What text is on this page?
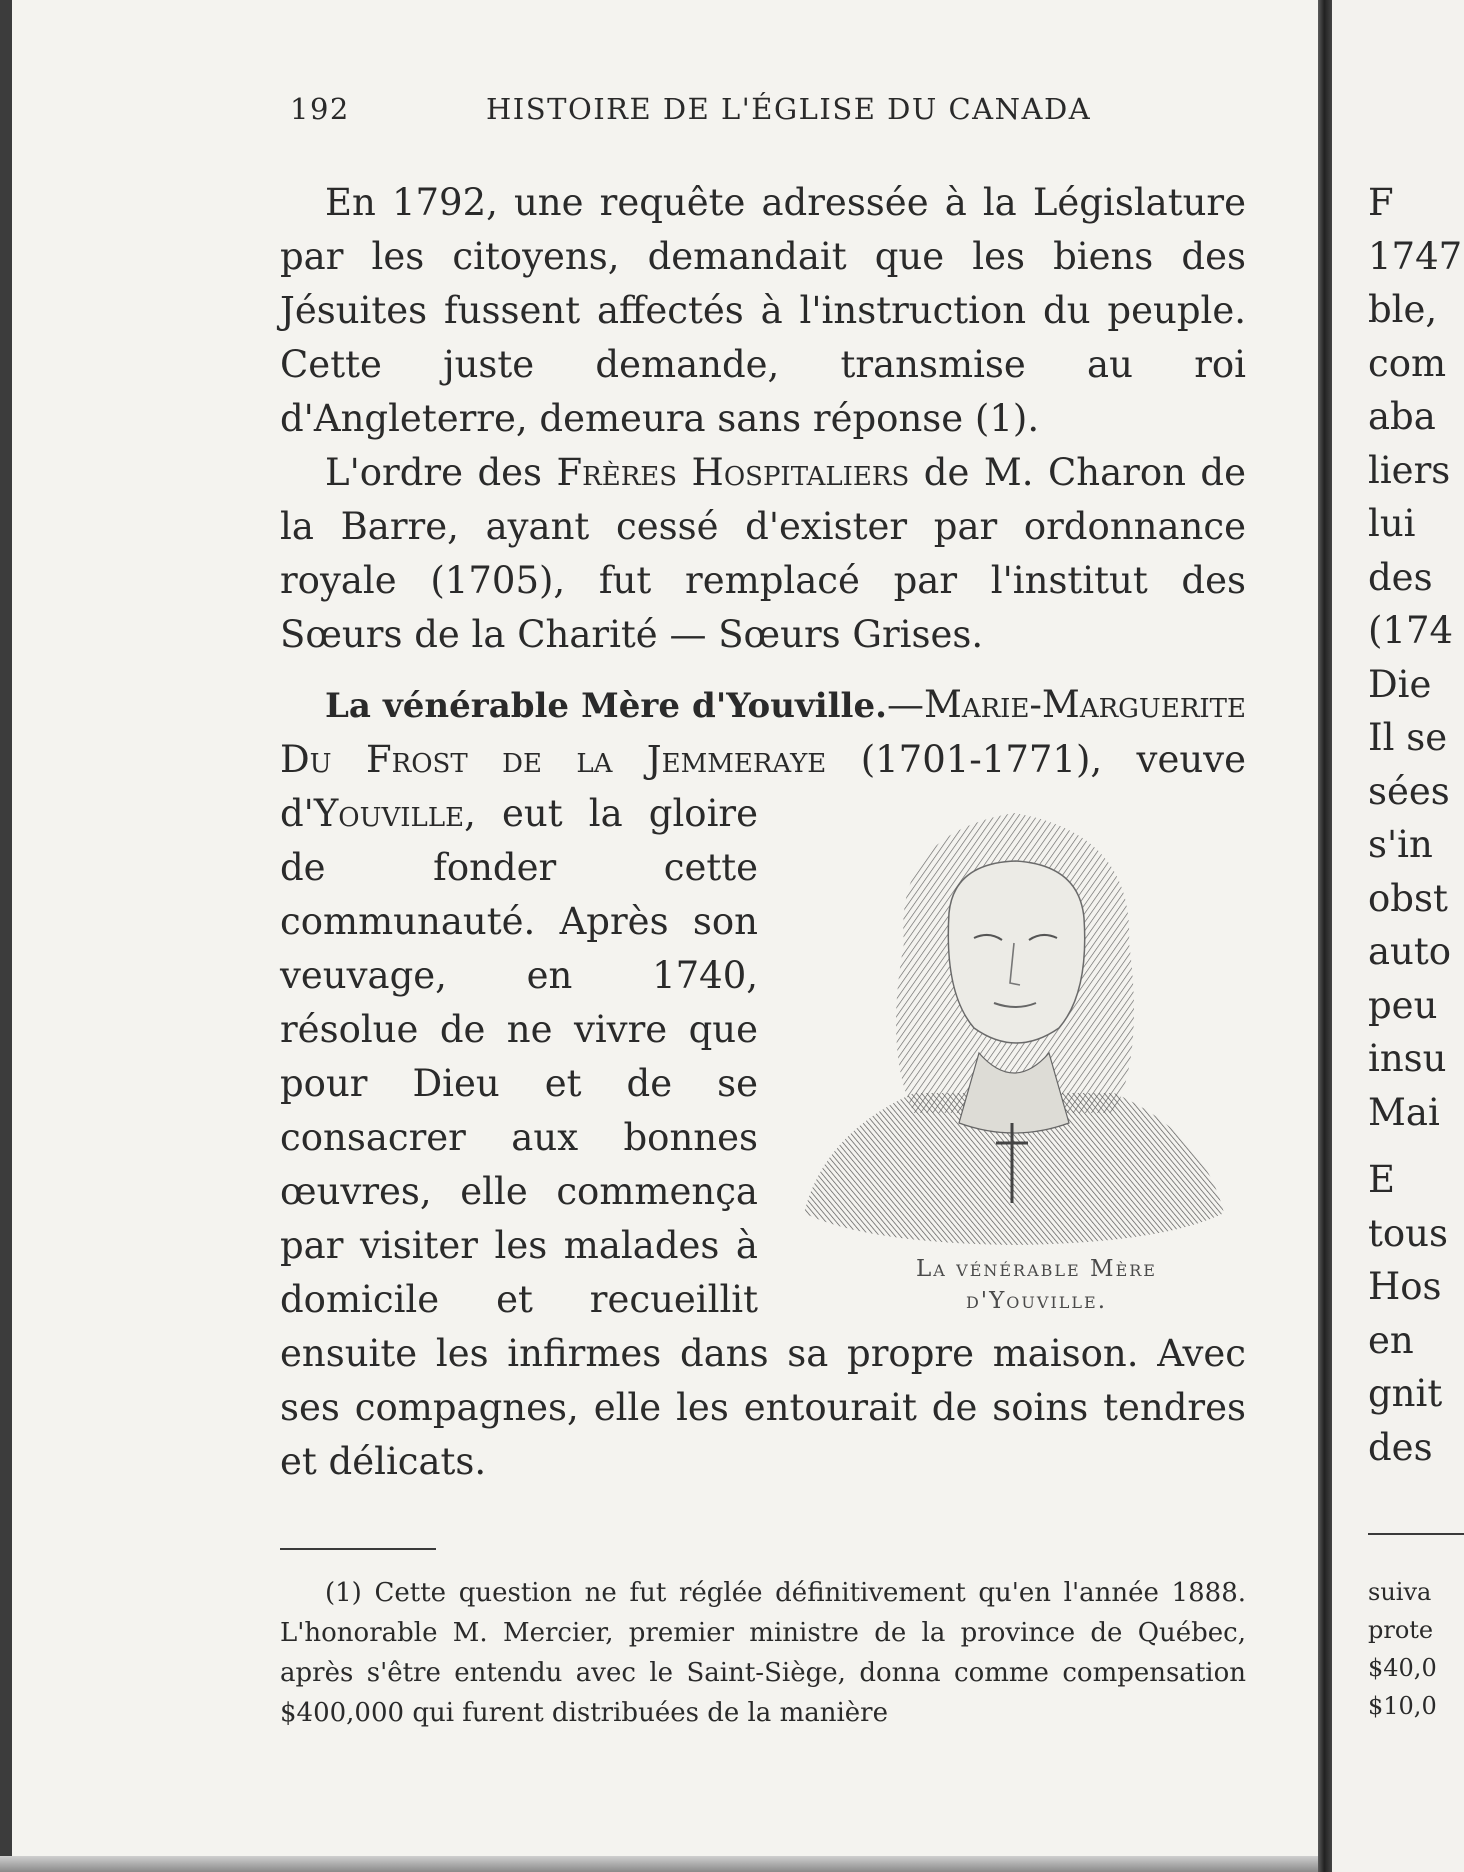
192	HISTOIRE DE L'ÉGLISE DU CANADA

En 1792, une requête adressée à la Législature par les citoyens, demandait que les biens des Jésuites fussent affectés à l'instruction du peuple. Cette juste demande, transmise au roi d'Angleterre, demeura sans réponse (1).

L'ordre des Frères Hospitaliers de M. Charon de la Barre, ayant cessé d'exister par ordonnance royale (1705), fut remplacé par l'institut des Sœurs de la Charité — Sœurs Grises.

La vénérable Mère d'Youville.—Marie-Marguerite Du Frost de la Jemmeraye (1701-1771), veuve d'Youville
La vénérable Mère
d'Youville.
, eut la gloire de fonder cette communauté. Après son veuvage, en 1740, résolue de ne vivre que pour Dieu et de se consacrer aux bonnes œuvres, elle commença par visiter les malades à domicile et recueillit ensuite les infirmes dans sa propre maison. Avec ses compagnes, elle les entourait de soins tendres et délicats.

(1) Cette question ne fut réglée définitivement qu'en l'année 1888. L'honorable M. Mercier, premier ministre de la province de Québec, après s'être entendu avec le Saint-Siège, donna comme compensation $400,000 qui furent distribuées de la manière

F
1747
ble,
com
aba
liers
lui
des
(174
Die
Il se
sées
s'in
obst
auto
peu
insu
Mai
E
tous
Hos
en
gnit
des
suiva
prote
$40,0
$10,0
